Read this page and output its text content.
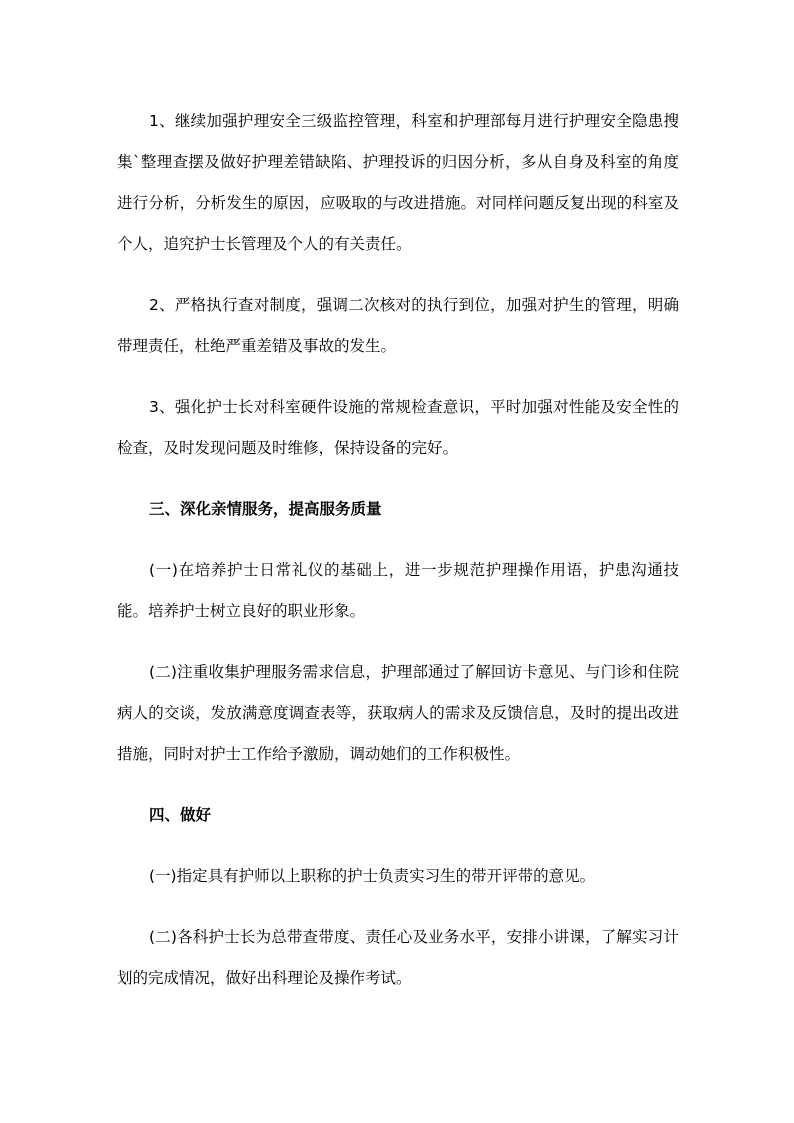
1、继续加强护理安全三级监控管理，科室和护理部每月进行护理安全隐患搜集`整理查摆及做好护理差错缺陷、护理投诉的归因分析，多从自身及科室的角度进行分析，分析发生的原因，应吸取的与改进措施。对同样问题反复出现的科室及个人，追究护士长管理及个人的有关责任。

2、严格执行查对制度，强调二次核对的执行到位，加强对护生的管理，明确带理责任，杜绝严重差错及事故的发生。

3、强化护士长对科室硬件设施的常规检查意识，平时加强对性能及安全性的检查，及时发现问题及时维修，保持设备的完好。

三、深化亲情服务，提高服务质量

(一)在培养护士日常礼仪的基础上，进一步规范护理操作用语，护患沟通技能。培养护士树立良好的职业形象。

(二)注重收集护理服务需求信息，护理部通过了解回访卡意见、与门诊和住院病人的交谈，发放满意度调查表等，获取病人的需求及反馈信息，及时的提出改进措施，同时对护士工作给予激励，调动她们的工作积极性。

四、做好

(一)指定具有护师以上职称的护士负责实习生的带开评带的意见。

(二)各科护士长为总带查带度、责任心及业务水平，安排小讲课，了解实习计划的完成情况，做好出科理论及操作考试。
